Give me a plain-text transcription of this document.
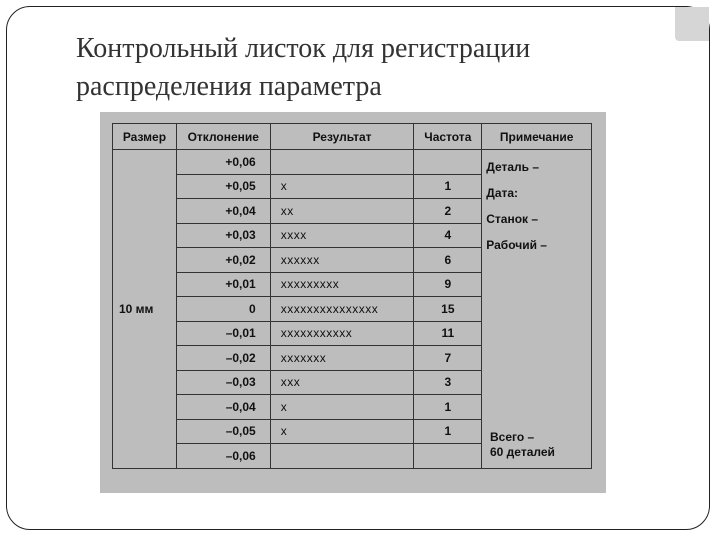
Контрольный листок для регистрации
распределения параметра
Размер	Отклонение	Результат	Частота	Примечание
10 мм	+0,06			Деталь –
Дата:
Станок –
Рабочий –

	+0,05	x	1	
	+0,04	xx	2	
	+0,03	xxxx	4	
	+0,02	xxxxxx	6	
	+0,01	xxxxxxxxx	9	
	0	xxxxxxxxxxxxxxx	15	
	–0,01	xxxxxxxxxxx	11	
	–0,02	xxxxxxx	7	
	–0,03	xxx	3	
	–0,04	x	1	
	–0,05	x	1	
	–0,06			
Всего –
60 деталей
